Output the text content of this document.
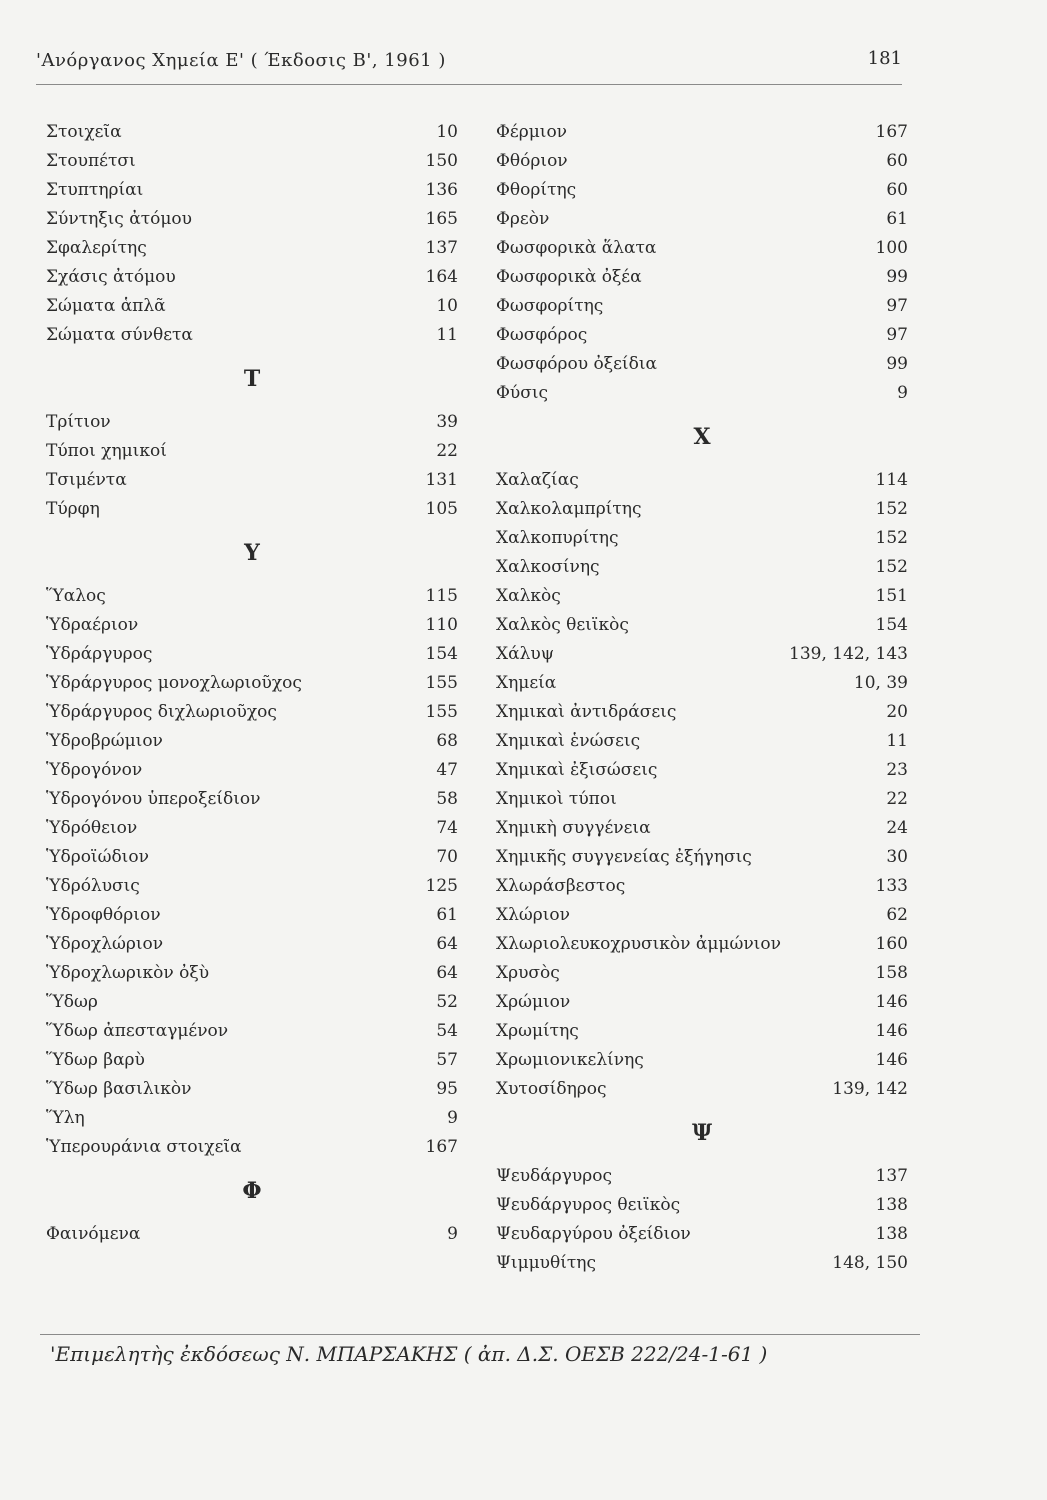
'Ανόργανος Χημεία Ε' ( Έκδοσις Β', 1961 )	181
Στοιχεῖα	10
Στουπέτσι	150
Στυπτηρίαι	136
Σύντηξις ἀτόμου	165
Σφαλερίτης	137
Σχάσις ἀτόμου	164
Σώματα ἁπλᾶ	10
Σώματα σύνθετα	11
Τ
Τρίτιον	39
Τύποι χημικοί	22
Τσιμέντα	131
Τύρφη	105
Υ
Ὕαλος	115
Ὑδραέριον	110
Ὑδράργυρος	154
Ὑδράργυρος μονοχλωριοῦχος	155
Ὑδράργυρος διχλωριοῦχος	155
Ὑδροβρώμιον	68
Ὑδρογόνον	47
Ὑδρογόνου ὑπεροξείδιον	58
Ὑδρόθειον	74
Ὑδροϊώδιον	70
Ὑδρόλυσις	125
Ὑδροφθόριον	61
Ὑδροχλώριον	64
Ὑδροχλωρικὸν ὀξὺ	64
Ὕδωρ	52
Ὕδωρ ἀπεσταγμένον	54
Ὕδωρ βαρὺ	57
Ὕδωρ βασιλικὸν	95
Ὕλη	9
Ὑπερουράνια στοιχεῖα	167
Φ
Φαινόμενα	9
Φέρμιον	167
Φθόριον	60
Φθορίτης	60
Φρεὸν	61
Φωσφορικὰ ἅλατα	100
Φωσφορικὰ ὀξέα	99
Φωσφορίτης	97
Φωσφόρος	97
Φωσφόρου ὀξείδια	99
Φύσις	9
Χ
Χαλαζίας	114
Χαλκολαμπρίτης	152
Χαλκοπυρίτης	152
Χαλκοσίνης	152
Χαλκὸς	151
Χαλκὸς θειϊκὸς	154
Χάλυψ	139, 142, 143
Χημεία	10, 39
Χημικαὶ ἀντιδράσεις	20
Χημικαὶ ἑνώσεις	11
Χημικαὶ ἐξισώσεις	23
Χημικοὶ τύποι	22
Χημικὴ συγγένεια	24
Χημικῆς συγγενείας ἐξήγησις	30
Χλωράσβεστος	133
Χλώριον	62
Χλωριολευκοχρυσικὸν ἀμμώνιον	160
Χρυσὸς	158
Χρώμιον	146
Χρωμίτης	146
Χρωμιονικελίνης	146
Χυτοσίδηρος	139, 142
Ψ
Ψευδάργυρος	137
Ψευδάργυρος θειϊκὸς	138
Ψευδαργύρου ὀξείδιον	138
Ψιμμυθίτης	148, 150
'Επιμελητὴς ἐκδόσεως Ν. ΜΠΑΡΣΑΚΗΣ ( ἀπ. Δ.Σ. ΟΕΣΒ 222/24-1-61 )
